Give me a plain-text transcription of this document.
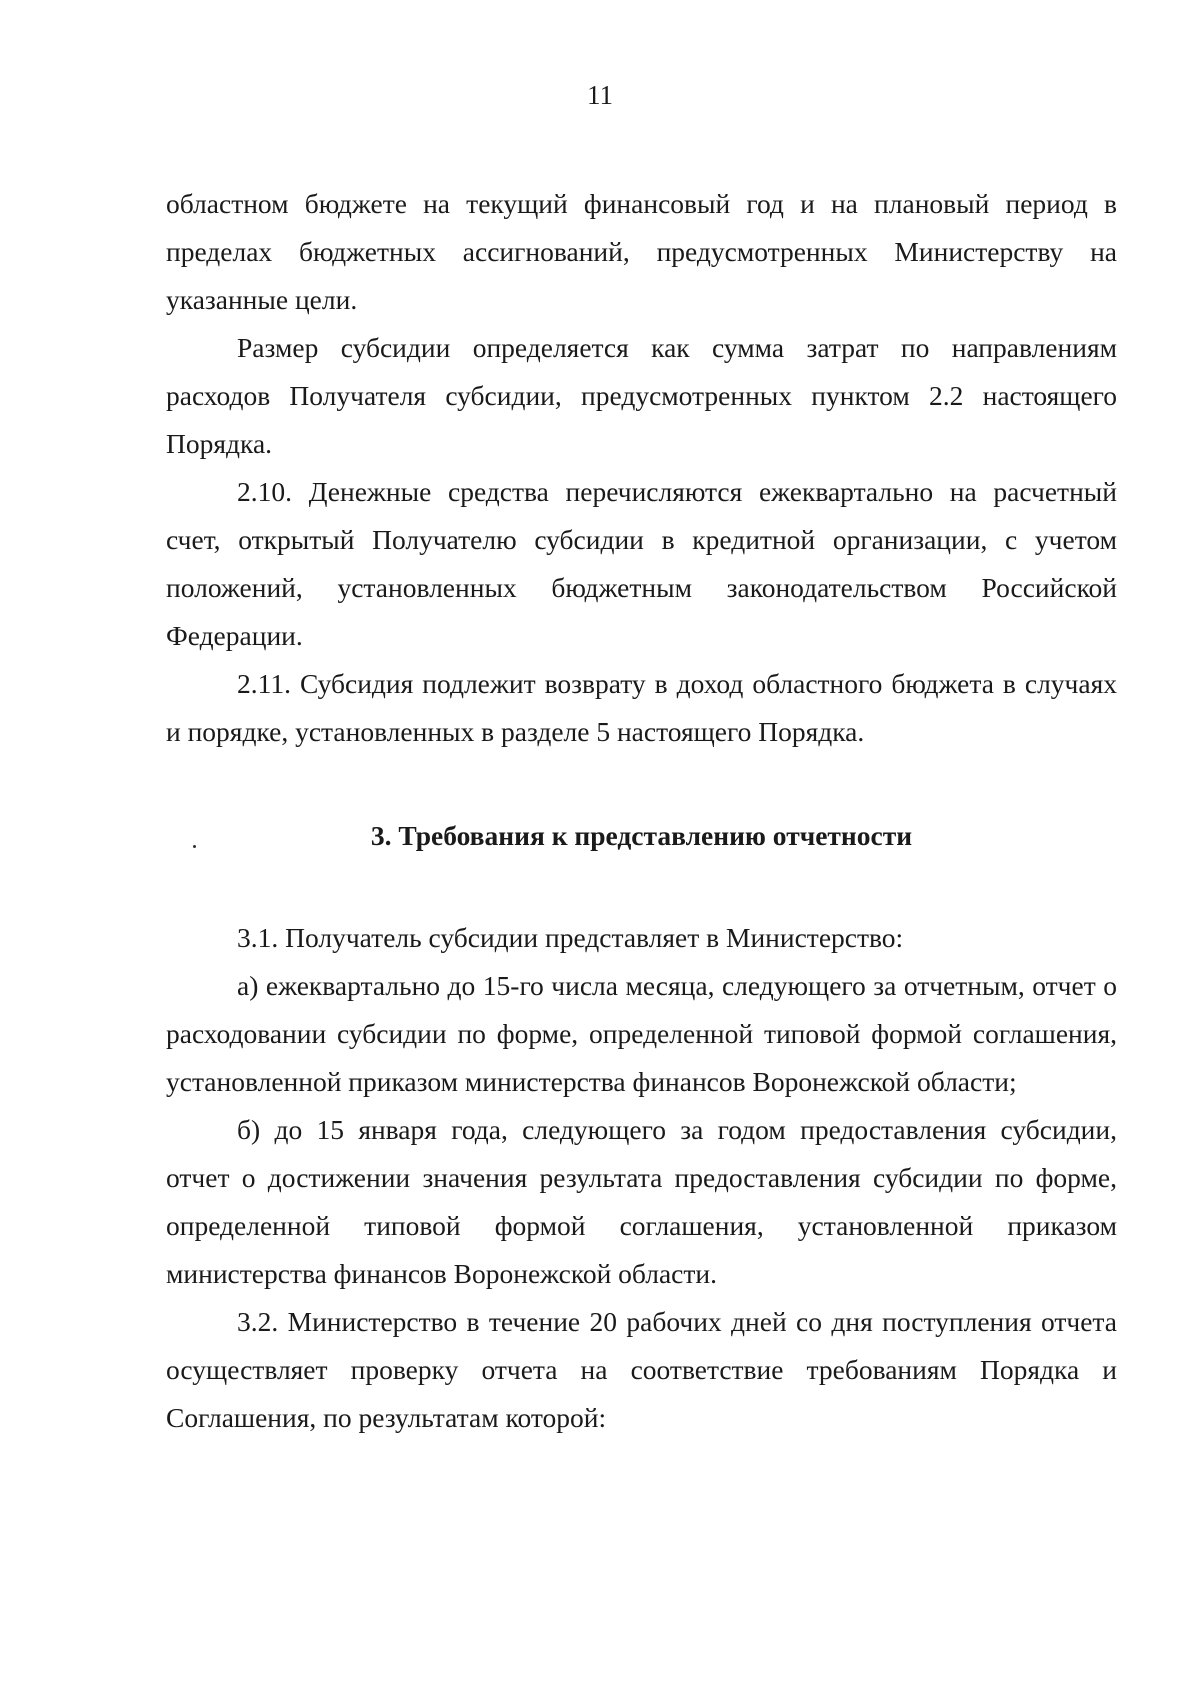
11

областном бюджете на текущий финансовый год и на плановый период в пределах бюджетных ассигнований, предусмотренных Министерству на указанные цели.

Размер субсидии определяется как сумма затрат по направлениям расходов Получателя субсидии, предусмотренных пунктом 2.2 настоящего Порядка.

2.10. Денежные средства перечисляются ежеквартально на расчетный счет, открытый Получателю субсидии в кредитной организации, с учетом положений, установленных бюджетным законодательством Российской Федерации.

2.11. Субсидия подлежит возврату в доход областного бюджета в случаях и порядке, установленных в разделе 5 настоящего Порядка.

3. Требования к представлению отчетности

3.1. Получатель субсидии представляет в Министерство:

а) ежеквартально до 15-го числа месяца, следующего за отчетным, отчет о расходовании субсидии по форме, определенной типовой формой соглашения, установленной приказом министерства финансов Воронежской области;

б) до 15 января года, следующего за годом предоставления субсидии, отчет о достижении значения результата предоставления субсидии по форме, определенной типовой формой соглашения, установленной приказом министерства финансов Воронежской области.

3.2. Министерство в течение 20 рабочих дней со дня поступления отчета осуществляет проверку отчета на соответствие требованиям Порядка и Соглашения, по результатам которой:
